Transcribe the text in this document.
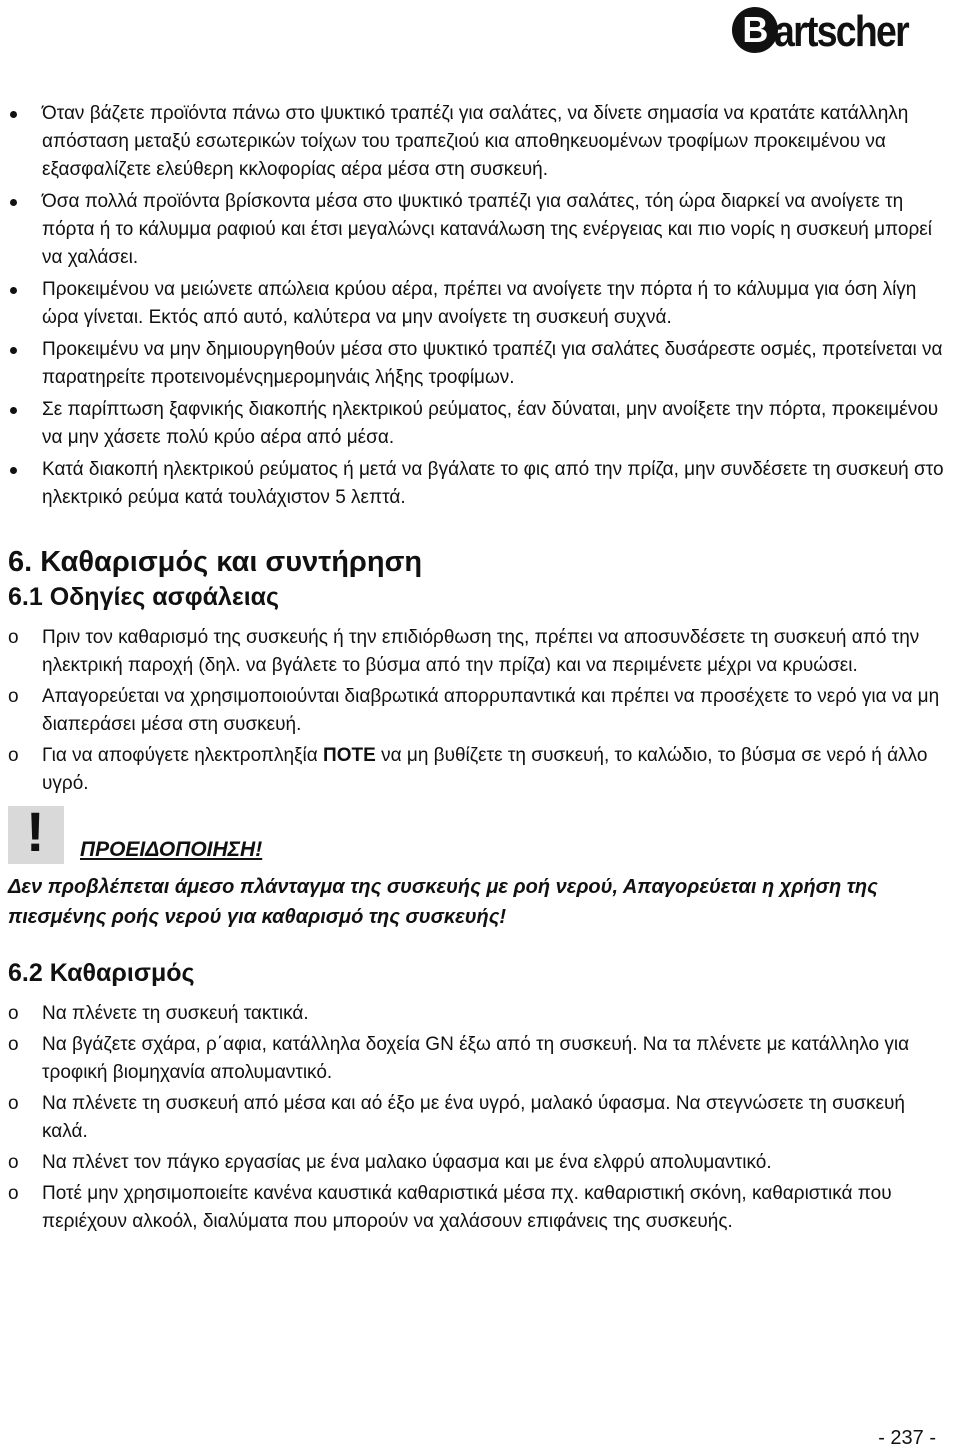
B artscher
Όταν βάζετε προϊόντα πάνω στο ψυκτικό τραπέζι για σαλάτες, να δίνετε σημασία να κρατάτε κατάλληλη απόσταση μεταξύ εσωτερικών τοίχων του τραπεζιού κια αποθηκευομένων τροφίμων προκειμένου να εξασφαλίζετε ελεύθερη κκλοφορίας αέρα μέσα στη συσκευή.
Όσα πολλά προϊόντα βρίσκοντα μέσα στο ψυκτικό τραπέζι για σαλάτες, τόη ώρα διαρκεί να ανοίγετε τη πόρτα ή το κάλυμμα ραφιού και έτσι μεγαλώνςι κατανάλωση της ενέργειας και πιο νορίς η συσκευή μπορεί να χαλάσει.
Προκειμένου να μειώνετε απώλεια κρύου αέρα, πρέπει να ανοίγετε την πόρτα ή το κάλυμμα για όση λίγη ώρα γίνεται. Εκτός από αυτό, καλύτερα να μην ανοίγετε τη συσκευή συχνά.
Προκειμένυ να μην δημιουργηθούν μέσα στο ψυκτικό τραπέζι για σαλάτες δυσάρεστε οσμές, προτείνεται να παρατηρείτε προτεινομένςημερομηνάις λήξης τροφίμων.
Σε παρίπτωση ξαφνικής διακοπής ηλεκτρικού ρεύματος, έαν δύναται, μην ανοίξετε την πόρτα, προκειμένου να μην χάσετε πολύ κρύο αέρα από μέσα.
Κατά διακοπή ηλεκτρικού ρεύματος ή μετά να βγάλατε το φις από την πρίζα, μην συνδέσετε τη συσκευή στο ηλεκτρικό ρεύμα κατά τουλάχιστον 5 λεπτά.
6. Καθαρισμός και συντήρηση
6.1 Οδηγίες ασφάλειας
o Πριν τον καθαρισμό της συσκευής ή την επιδιόρθωση της, πρέπει να αποσυνδέσετε τη συσκευή από την ηλεκτρική παροχή (δηλ. να βγάλετε το βύσμα από την πρίζα) και να περιμένετε μέχρι να κρυώσει.
o Απαγορεύεται να χρησιμοποιούνται διαβρωτικά απορρυπαντικά και πρέπει να προσέχετε το νερό για να μη διαπεράσει μέσα στη συσκευή.
o Για να αποφύγετε ηλεκτροπληξία ΠΟΤΕ να μη βυθίζετε τη συσκευή, το καλώδιο, το βύσμα σε νερό ή άλλο υγρό.
! ΠΡΟΕΙΔΟΠΟΙΗΣΗ!

Δεν προβλέπεται άμεσο πλάνταγμα της συσκευής με ροή νερού, Απαγορεύεται η χρήση της πιεσμένης ροής νερού για καθαρισμό της συσκευής!

6.2 Καθαρισμός
o Να πλένετε τη συσκευή τακτικά.
o Να βγάζετε σχάρα, ρ΄αφια, κατάλληλα δοχεία GN έξω από τη συσκευή. Να τα πλένετε με κατάλληλο για τροφική βιομηχανία απολυμαντικό.
o Να πλένετε τη συσκευή από μέσα και αό έξο με ένα υγρό, μαλακό ύφασμα. Να στεγνώσετε τη συσκευή καλά.
o Να πλένετ τον πάγκο εργασίας με ένα μαλακο ύφασμα και με ένα ελφρύ απολυμαντικό.
o Ποτέ μην χρησιμοποιείτε κανένα καυστικά καθαριστικά μέσα πχ. καθαριστική σκόνη, καθαριστικά που περιέχουν αλκοόλ, διαλύματα που μπορούν να χαλάσουν επιφάνεις της συσκευής.
- 237 -
